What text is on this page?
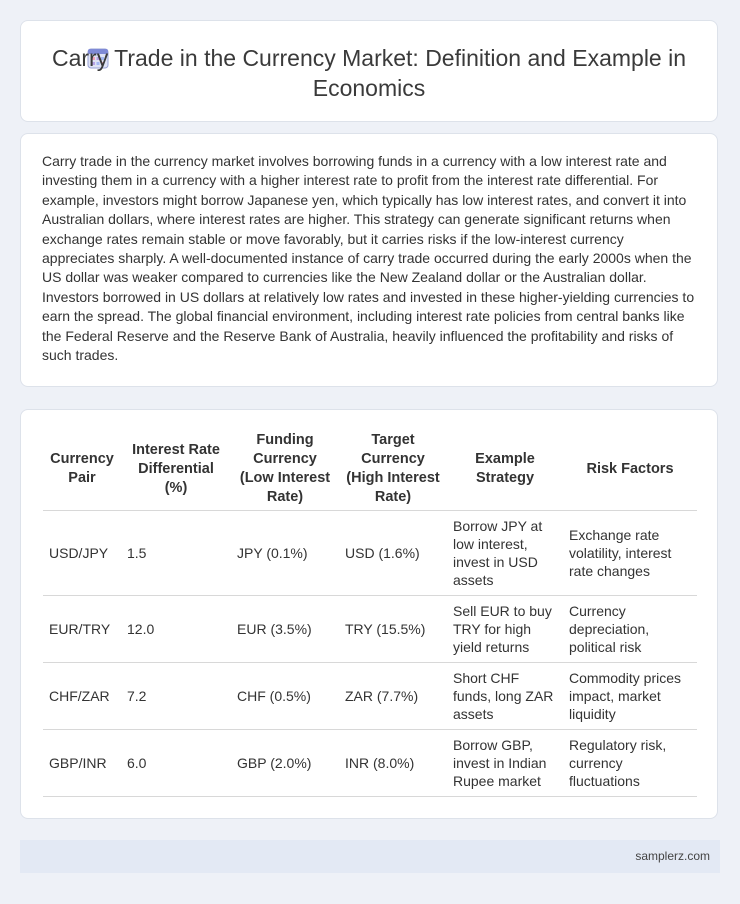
Carry Trade in the Currency Market: Definition and Example in Economics

Carry trade in the currency market involves borrowing funds in a currency with a low interest rate and investing them in a currency with a higher interest rate to profit from the interest rate differential. For example, investors might borrow Japanese yen, which typically has low interest rates, and convert it into Australian dollars, where interest rates are higher. This strategy can generate significant returns when exchange rates remain stable or move favorably, but it carries risks if the low-interest currency appreciates sharply. A well-documented instance of carry trade occurred during the early 2000s when the US dollar was weaker compared to currencies like the New Zealand dollar or the Australian dollar. Investors borrowed in US dollars at relatively low rates and invested in these higher-yielding currencies to earn the spread. The global financial environment, including interest rate policies from central banks like the Federal Reserve and the Reserve Bank of Australia, heavily influenced the profitability and risks of such trades.

Currency Pair	Interest Rate Differential (%)	Funding Currency (Low Interest Rate)	Target Currency (High Interest Rate)	Example Strategy	Risk Factors
USD/JPY	1.5	JPY (0.1%)	USD (1.6%)	Borrow JPY at low interest, invest in USD assets	Exchange rate volatility, interest rate changes
EUR/TRY	12.0	EUR (3.5%)	TRY (15.5%)	Sell EUR to buy TRY for high yield returns	Currency depreciation, political risk
CHF/ZAR	7.2	CHF (0.5%)	ZAR (7.7%)	Short CHF funds, long ZAR assets	Commodity prices impact, market liquidity
GBP/INR	6.0	GBP (2.0%)	INR (8.0%)	Borrow GBP, invest in Indian Rupee market	Regulatory risk, currency fluctuations
samplerz.com
